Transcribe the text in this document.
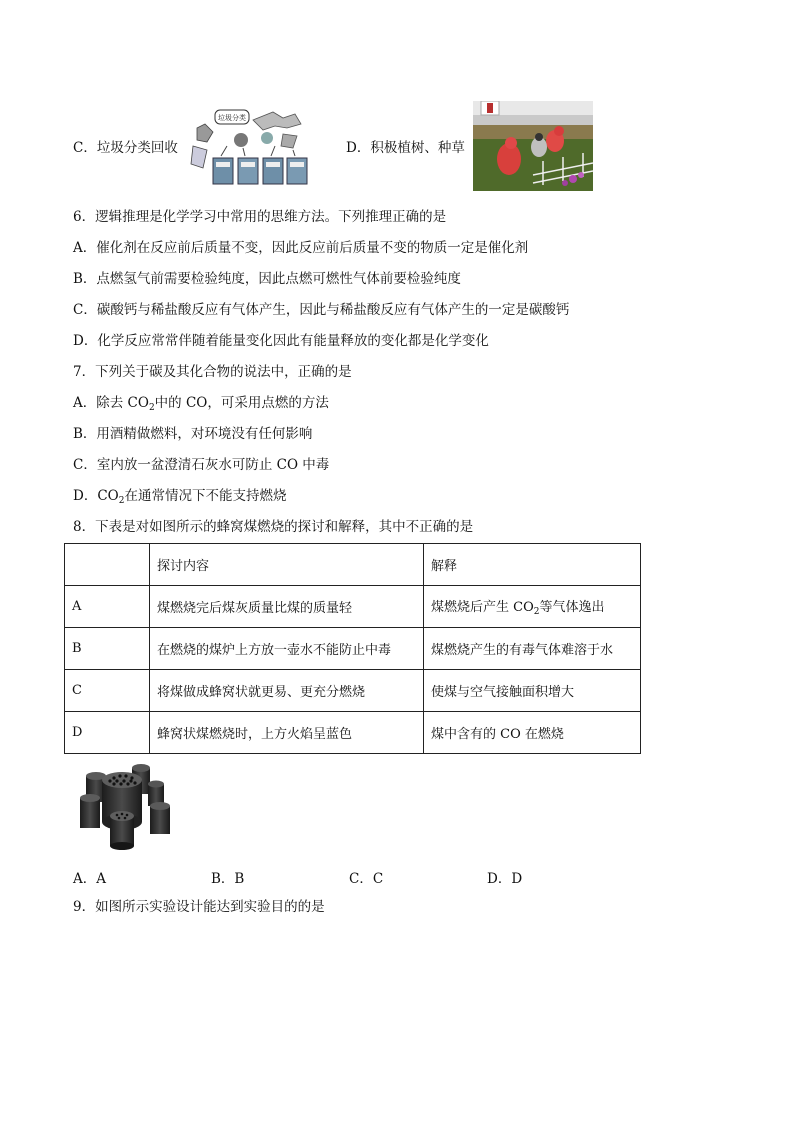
C．垃圾分类回收
垃圾分类
D．积极植树、种草
6．逻辑推理是化学学习中常用的思维方法。下列推理正确的是
A．催化剂在反应前后质量不变，因此反应前后质量不变的物质一定是催化剂
B．点燃氢气前需要检验纯度，因此点燃可燃性气体前要检验纯度
C．碳酸钙与稀盐酸反应有气体产生，因此与稀盐酸反应有气体产生的一定是碳酸钙
D．化学反应常常伴随着能量变化因此有能量释放的变化都是化学变化
7．下列关于碳及其化合物的说法中，正确的是
A．除去 $CO_2$中的 CO，可采用点燃的方法
B．用酒精做燃料，对环境没有任何影响
C．室内放一盆澄清石灰水可防止 CO 中毒
D．$CO_2$在通常情况下不能支持燃烧
8．下表是对如图所示的蜂窝煤燃烧的探讨和解释，其中不正确的是
	探讨内容	解释
A	煤燃烧完后煤灰质量比煤的质量轻	煤燃烧后产生 $CO_2$等气体逸出
B	在燃烧的煤炉上方放一壶水不能防止中毒	煤燃烧产生的有毒气体难溶于水
C	将煤做成蜂窝状就更易、更充分燃烧	使煤与空气接触面积增大
D	蜂窝状煤燃烧时，上方火焰呈蓝色	煤中含有的 CO 在燃烧
A．A	B．B	C．C	D．D
9．如图所示实验设计能达到实验目的的是
